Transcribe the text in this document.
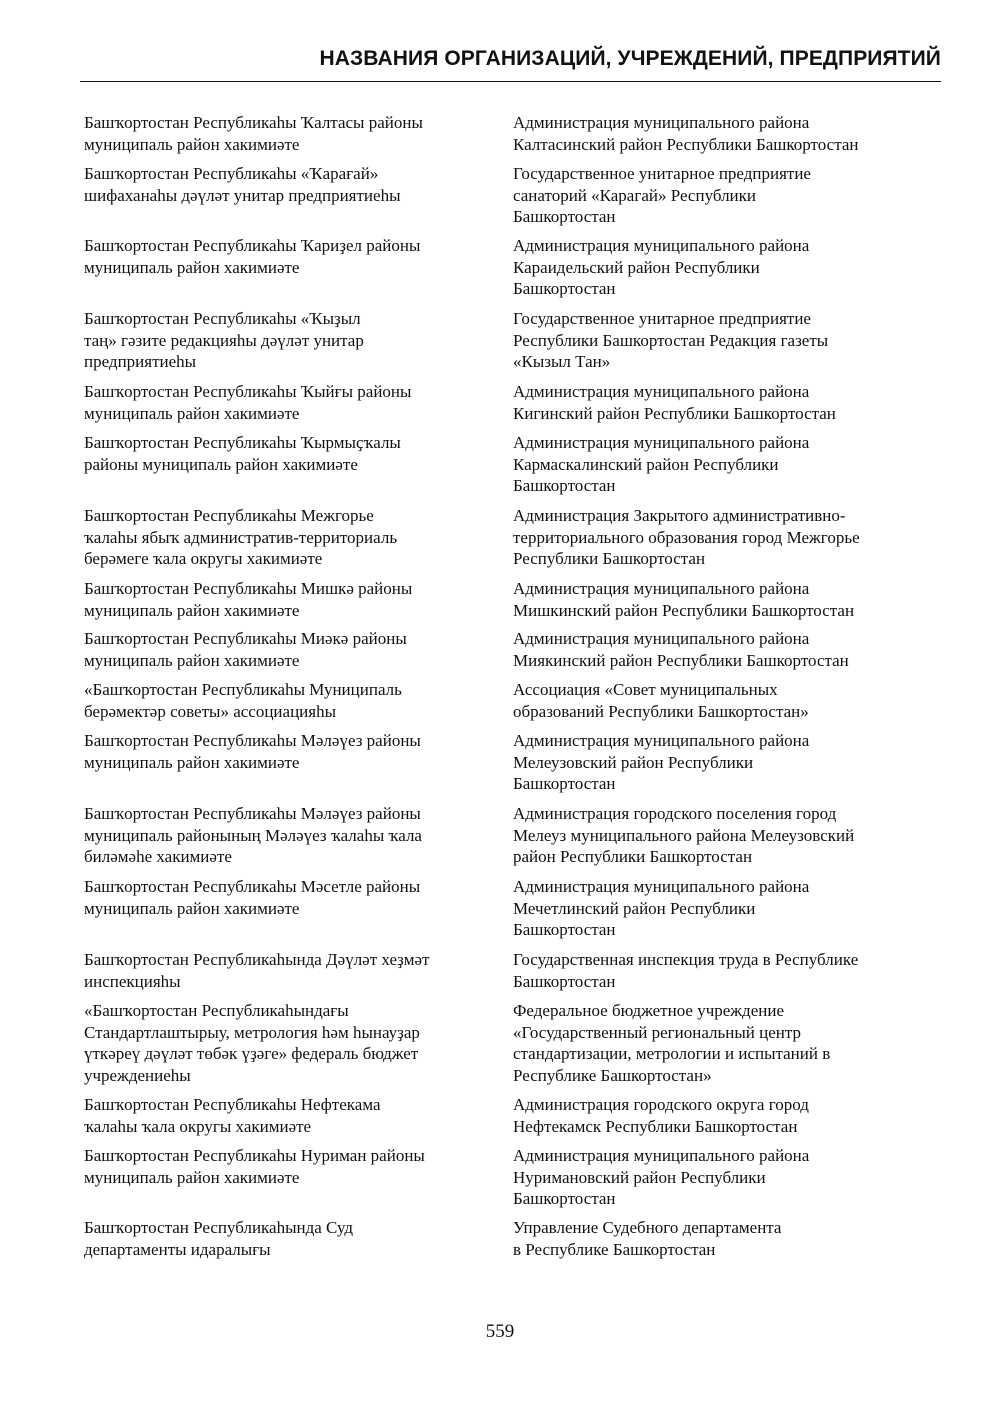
НАЗВАНИЯ ОРГАНИЗАЦИЙ, УЧРЕЖДЕНИЙ, ПРЕДПРИЯТИЙ
Башҡортостан Республикаһы Ҡалтасы районы
муниципаль район хакимиәте
Администрация муниципального района
Калтасинский район Республики Башкортостан
Башҡортостан Республикаһы «Ҡарағай»
шифаханаһы дәүләт унитар предприятиеһы
Государственное унитарное предприятие
санаторий «Карагай» Республики
Башкортостан
Башҡортостан Республикаһы Ҡариҙел районы
муниципаль район хакимиәте
Администрация муниципального района
Караидельский район Республики
Башкортостан
Башҡортостан Республикаһы «Ҡыҙыл
таң» гәзите редакцияһы дәүләт унитар
предприятиеһы
Государственное унитарное предприятие
Республики Башкортостан Редакция газеты
«Кызыл Тан»
Башҡортостан Республикаһы Ҡыйғы районы
муниципаль район хакимиәте
Администрация муниципального района
Кигинский район Республики Башкортостан
Башҡортостан Республикаһы Ҡырмыҫҡалы
районы муниципаль район хакимиәте
Администрация муниципального района
Кармаскалинский район Республики
Башкортостан
Башҡортостан Республикаһы Межгорье
ҡалаһы ябыҡ административ-территориаль
берәмеге ҡала округы хакимиәте
Администрация Закрытого административно-
территориального образования город Межгорье
Республики Башкортостан
Башҡортостан Республикаһы Мишкә районы
муниципаль район хакимиәте
Администрация муниципального района
Мишкинский район Республики Башкортостан
Башҡортостан Республикаһы Миәкә районы
муниципаль район хакимиәте
Администрация муниципального района
Миякинский район Республики Башкортостан
«Башҡортостан Республикаһы Муниципаль
берәмектәр советы» ассоциацияһы
Ассоциация «Совет муниципальных
образований Республики Башкортостан»
Башҡортостан Республикаһы Мәләүез районы
муниципаль район хакимиәте
Администрация муниципального района
Мелеузовский район Республики
Башкортостан
Башҡортостан Республикаһы Мәләүез районы
муниципаль районының Мәләүез ҡалаһы ҡала
биләмәһе хакимиәте
Администрация городского поселения город
Мелеуз муниципального района Мелеузовский
район Республики Башкортостан
Башҡортостан Республикаһы Мәсетле районы
муниципаль район хакимиәте
Администрация муниципального района
Мечетлинский район Республики
Башкортостан
Башҡортостан Республикаһында Дәүләт хеҙмәт
инспекцияһы
Государственная инспекция труда в Республике
Башкортостан
«Башҡортостан Республикаһындағы
Стандартлаштырыу, метрология һәм һынауҙар
үткәреү дәүләт төбәк үҙәге» федераль бюджет
учреждениеһы
Федеральное бюджетное учреждение
«Государственный региональный центр
стандартизации, метрологии и испытаний в
Республике Башкортостан»
Башҡортостан Республикаһы Нефтекама
ҡалаһы ҡала округы хакимиәте
Администрация городского округа город
Нефтекамск Республики Башкортостан
Башҡортостан Республикаһы Нуриман районы
муниципаль район хакимиәте
Администрация муниципального района
Нуримановский район Республики
Башкортостан
Башҡортостан Республикаһында Суд
департаменты идаралығы
Управление Судебного департамента
в Республике Башкортостан
559
